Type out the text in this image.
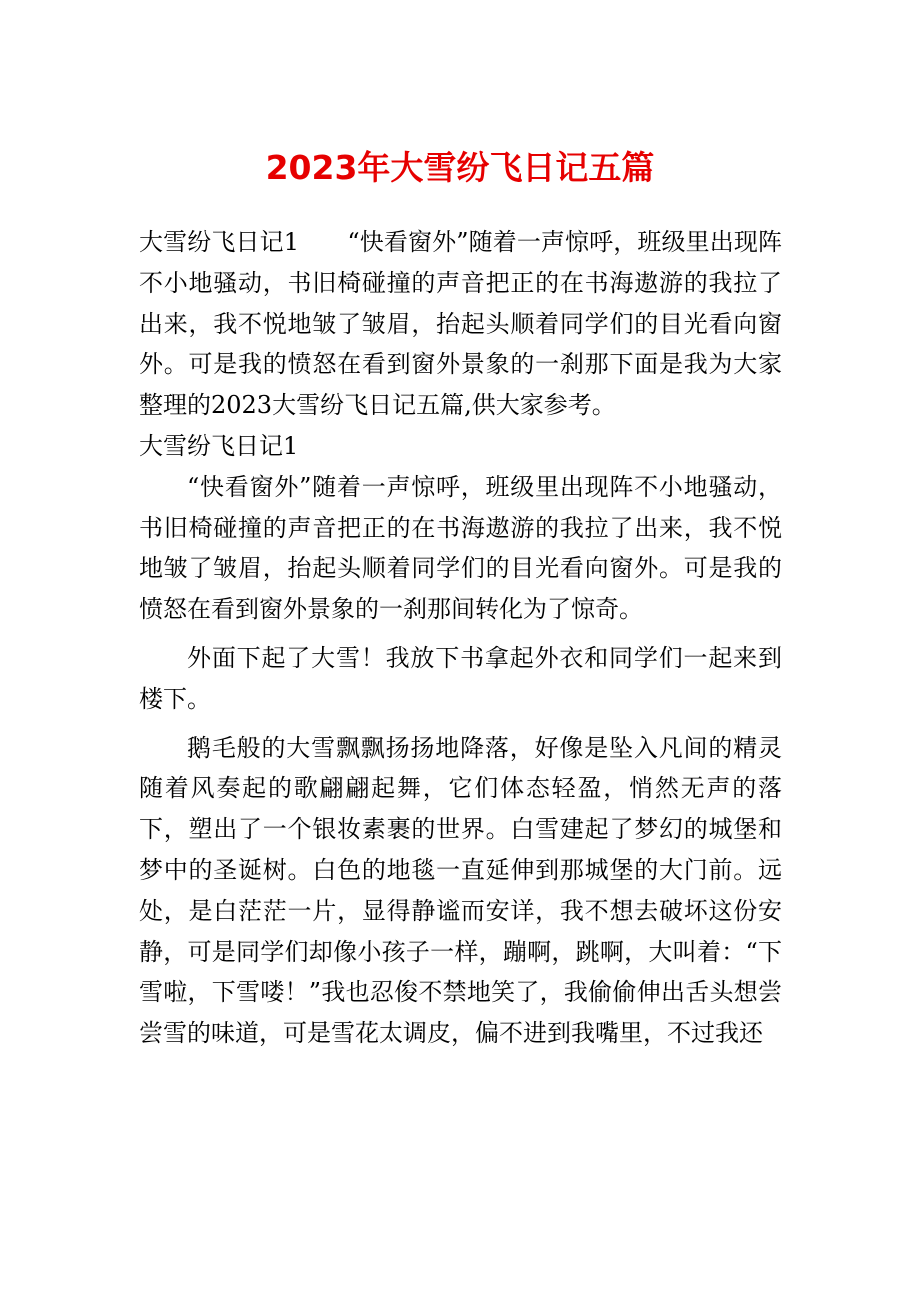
2023年大雪纷飞日记五篇

大雪纷飞日记1　　“快看窗外”随着一声惊呼，班级里出现阵不小地骚动，书旧椅碰撞的声音把正的在书海遨游的我拉了出来，我不悦地皱了皱眉，抬起头顺着同学们的目光看向窗外。可是我的愤怒在看到窗外景象的一刹那下面是我为大家整理的2023大雪纷飞日记五篇,供大家参考。

大雪纷飞日记1

“快看窗外”随着一声惊呼，班级里出现阵不小地骚动，书旧椅碰撞的声音把正的在书海遨游的我拉了出来，我不悦地皱了皱眉，抬起头顺着同学们的目光看向窗外。可是我的愤怒在看到窗外景象的一刹那间转化为了惊奇。

外面下起了大雪！我放下书拿起外衣和同学们一起来到楼下。

鹅毛般的大雪飘飘扬扬地降落，好像是坠入凡间的精灵随着风奏起的歌翩翩起舞，它们体态轻盈，悄然无声的落下，塑出了一个银妆素裹的世界。白雪建起了梦幻的城堡和梦中的圣诞树。白色的地毯一直延伸到那城堡的大门前。远处，是白茫茫一片，显得静谧而安详，我不想去破坏这份安静，可是同学们却像小孩子一样，蹦啊，跳啊，大叫着：“下雪啦，下雪喽！”我也忍俊不禁地笑了，我偷偷伸出舌头想尝尝雪的味道，可是雪花太调皮，偏不进到我嘴里，不过我还
